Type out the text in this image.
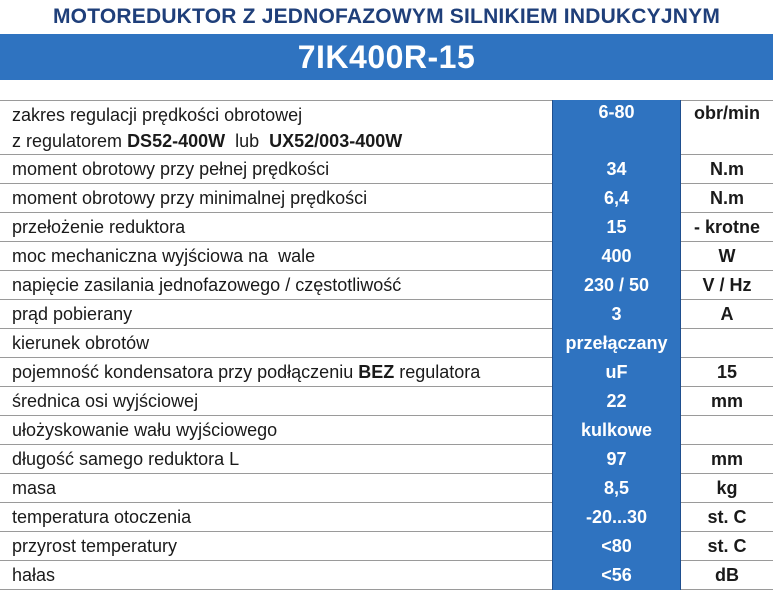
MOTOREDUKTOR Z JEDNOFAZOWYM SILNIKIEM INDUKCYJNYM
7IK400R-15
zakres regulacji prędkości obrotowej
z regulatorem DS52-400W  lub  UX52/003-400W
6-80	obr/min
moment obrotowy przy pełnej prędkości	34	N.m
moment obrotowy przy minimalnej prędkości	6,4	N.m
przełożenie reduktora	15	- krotne
moc mechaniczna wyjściowa na  wale	400	W
napięcie zasilania jednofazowego / częstotliwość	230 / 50	V / Hz
prąd pobierany	3	A
kierunek obrotów	przełączany
pojemność kondensatora przy podłączeniu BEZ regulatora	uF	15
średnica osi wyjściowej	22	mm
ułożyskowanie wału wyjściowego	kulkowe
długość samego reduktora L	97	mm
masa	8,5	kg
temperatura otoczenia	-20...30	st. C
przyrost temperatury	<80	st. C
hałas	<56	dB
